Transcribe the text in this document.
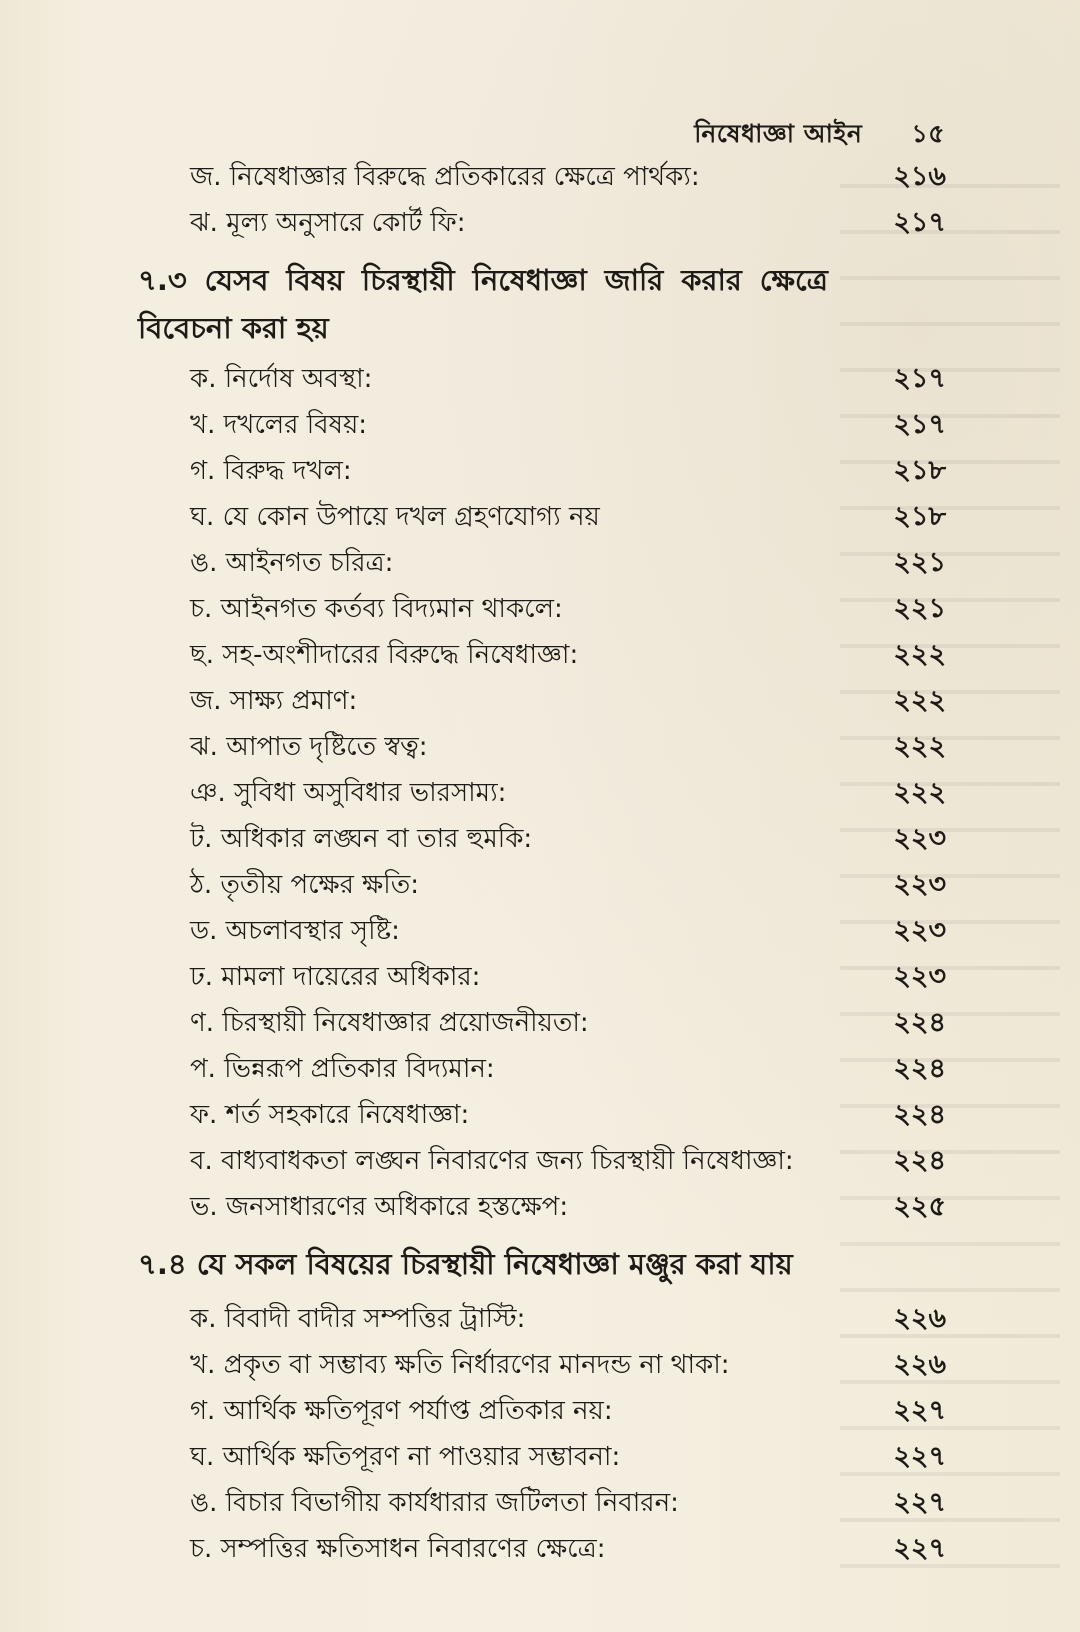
নিষেধাজ্ঞা আইন ১৫
জ. নিষেধাজ্ঞার বিরুদ্ধে প্রতিকারের ক্ষেত্রে পার্থক্য:	২১৬
ঝ. মূল্য অনুসারে কোর্ট ফি:	২১৭
৭.৩ যেসব বিষয় চিরস্থায়ী নিষেধাজ্ঞা জারি করার ক্ষেত্রে
বিবেচনা করা হয়
ক. নির্দোষ অবস্থা:	২১৭
খ. দখলের বিষয়:	২১৭
গ. বিরুদ্ধ দখল:	২১৮
ঘ. যে কোন উপায়ে দখল গ্রহণযোগ্য নয়	২১৮
ঙ. আইনগত চরিত্র:	২২১
চ. আইনগত কর্তব্য বিদ্যমান থাকলে:	২২১
ছ. সহ-অংশীদারের বিরুদ্ধে নিষেধাজ্ঞা:	২২২
জ. সাক্ষ্য প্রমাণ:	২২২
ঝ. আপাত দৃষ্টিতে স্বত্ব:	২২২
ঞ. সুবিধা অসুবিধার ভারসাম্য:	২২২
ট. অধিকার লঙ্ঘন বা তার হুমকি:	২২৩
ঠ. তৃতীয় পক্ষের ক্ষতি:	২২৩
ড. অচলাবস্থার সৃষ্টি:	২২৩
ঢ. মামলা দায়েরের অধিকার:	২২৩
ণ. চিরস্থায়ী নিষেধাজ্ঞার প্রয়োজনীয়তা:	২২৪
প. ভিন্নরূপ প্রতিকার বিদ্যমান:	২২৪
ফ. শর্ত সহকারে নিষেধাজ্ঞা:	২২৪
ব. বাধ্যবাধকতা লঙ্ঘন নিবারণের জন্য চিরস্থায়ী নিষেধাজ্ঞা:	২২৪
ভ. জনসাধারণের অধিকারে হস্তক্ষেপ:	২২৫
৭.৪ যে সকল বিষয়ের চিরস্থায়ী নিষেধাজ্ঞা মঞ্জুর করা যায়
ক. বিবাদী বাদীর সম্পত্তির ট্রাস্টি:	২২৬
খ. প্রকৃত বা সম্ভাব্য ক্ষতি নির্ধারণের মানদন্ড না থাকা:	২২৬
গ. আর্থিক ক্ষতিপূরণ পর্যাপ্ত প্রতিকার নয়:	২২৭
ঘ. আর্থিক ক্ষতিপূরণ না পাওয়ার সম্ভাবনা:	২২৭
ঙ. বিচার বিভাগীয় কার্যধারার জটিলতা নিবারন:	২২৭
চ. সম্পত্তির ক্ষতিসাধন নিবারণের ক্ষেত্রে:	২২৭
